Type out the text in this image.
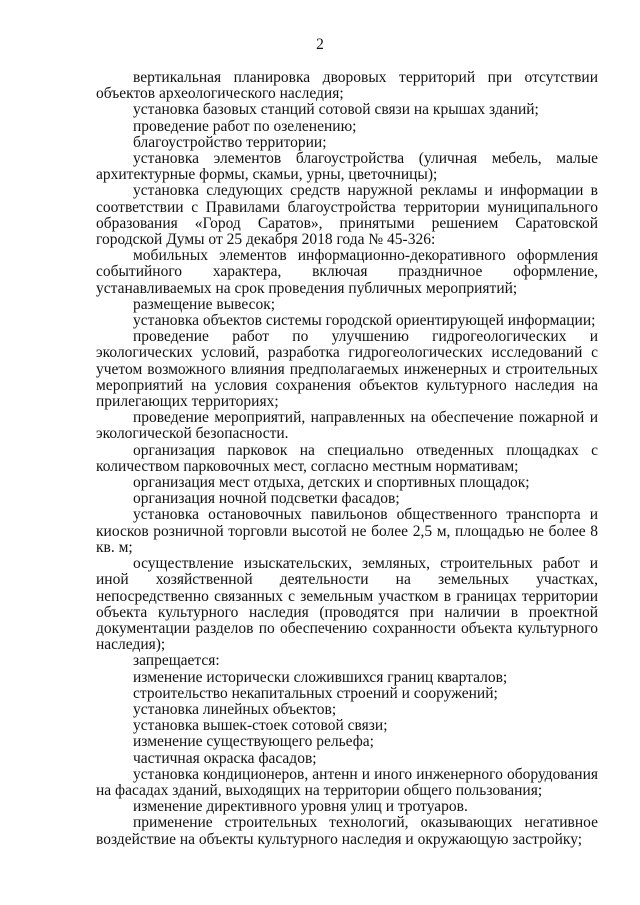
2

вертикальная планировка дворовых территорий при отсутствии объектов археологического наследия;

установка базовых станций сотовой связи на крышах зданий;

проведение работ по озеленению;

благоустройство территории;

установка элементов благоустройства (уличная мебель, малые архитектурные формы, скамьи, урны, цветочницы);

установка следующих средств наружной рекламы и информации в соответствии с Правилами благоустройства территории муниципального образования «Город Саратов», принятыми решением Саратовской городской Думы от 25 декабря 2018 года № 45-326:

мобильных элементов информационно-декоративного оформления событийного характера, включая праздничное оформление, устанавливаемых на срок проведения публичных мероприятий;

размещение вывесок;

установка объектов системы городской ориентирующей информации;

проведение работ по улучшению гидрогеологических и экологических условий, разработка гидрогеологических исследований с учетом возможного влияния предполагаемых инженерных и строительных мероприятий на условия сохранения объектов культурного наследия на прилегающих территориях;

проведение мероприятий, направленных на обеспечение пожарной и экологической безопасности.

организация парковок на специально отведенных площадках с количеством парковочных мест, согласно местным нормативам;

организация мест отдыха, детских и спортивных площадок;

организация ночной подсветки фасадов;

установка остановочных павильонов общественного транспорта и киосков розничной торговли высотой не более 2,5 м, площадью не более 8 кв. м;

осуществление изыскательских, земляных, строительных работ и иной хозяйственной деятельности на земельных участках, непосредственно связанных с земельным участком в границах территории объекта культурного наследия (проводятся при наличии в проектной документации разделов по обеспечению сохранности объекта культурного наследия);

запрещается:

изменение исторически сложившихся границ кварталов;

строительство некапитальных строений и сооружений;

установка линейных объектов;

установка вышек-стоек сотовой связи;

изменение существующего рельефа;

частичная окраска фасадов;

установка кондиционеров, антенн и иного инженерного оборудования на фасадах зданий, выходящих на территории общего пользования;

изменение директивного уровня улиц и тротуаров.

применение строительных технологий, оказывающих негативное воздействие на объекты культурного наследия и окружающую застройку;
